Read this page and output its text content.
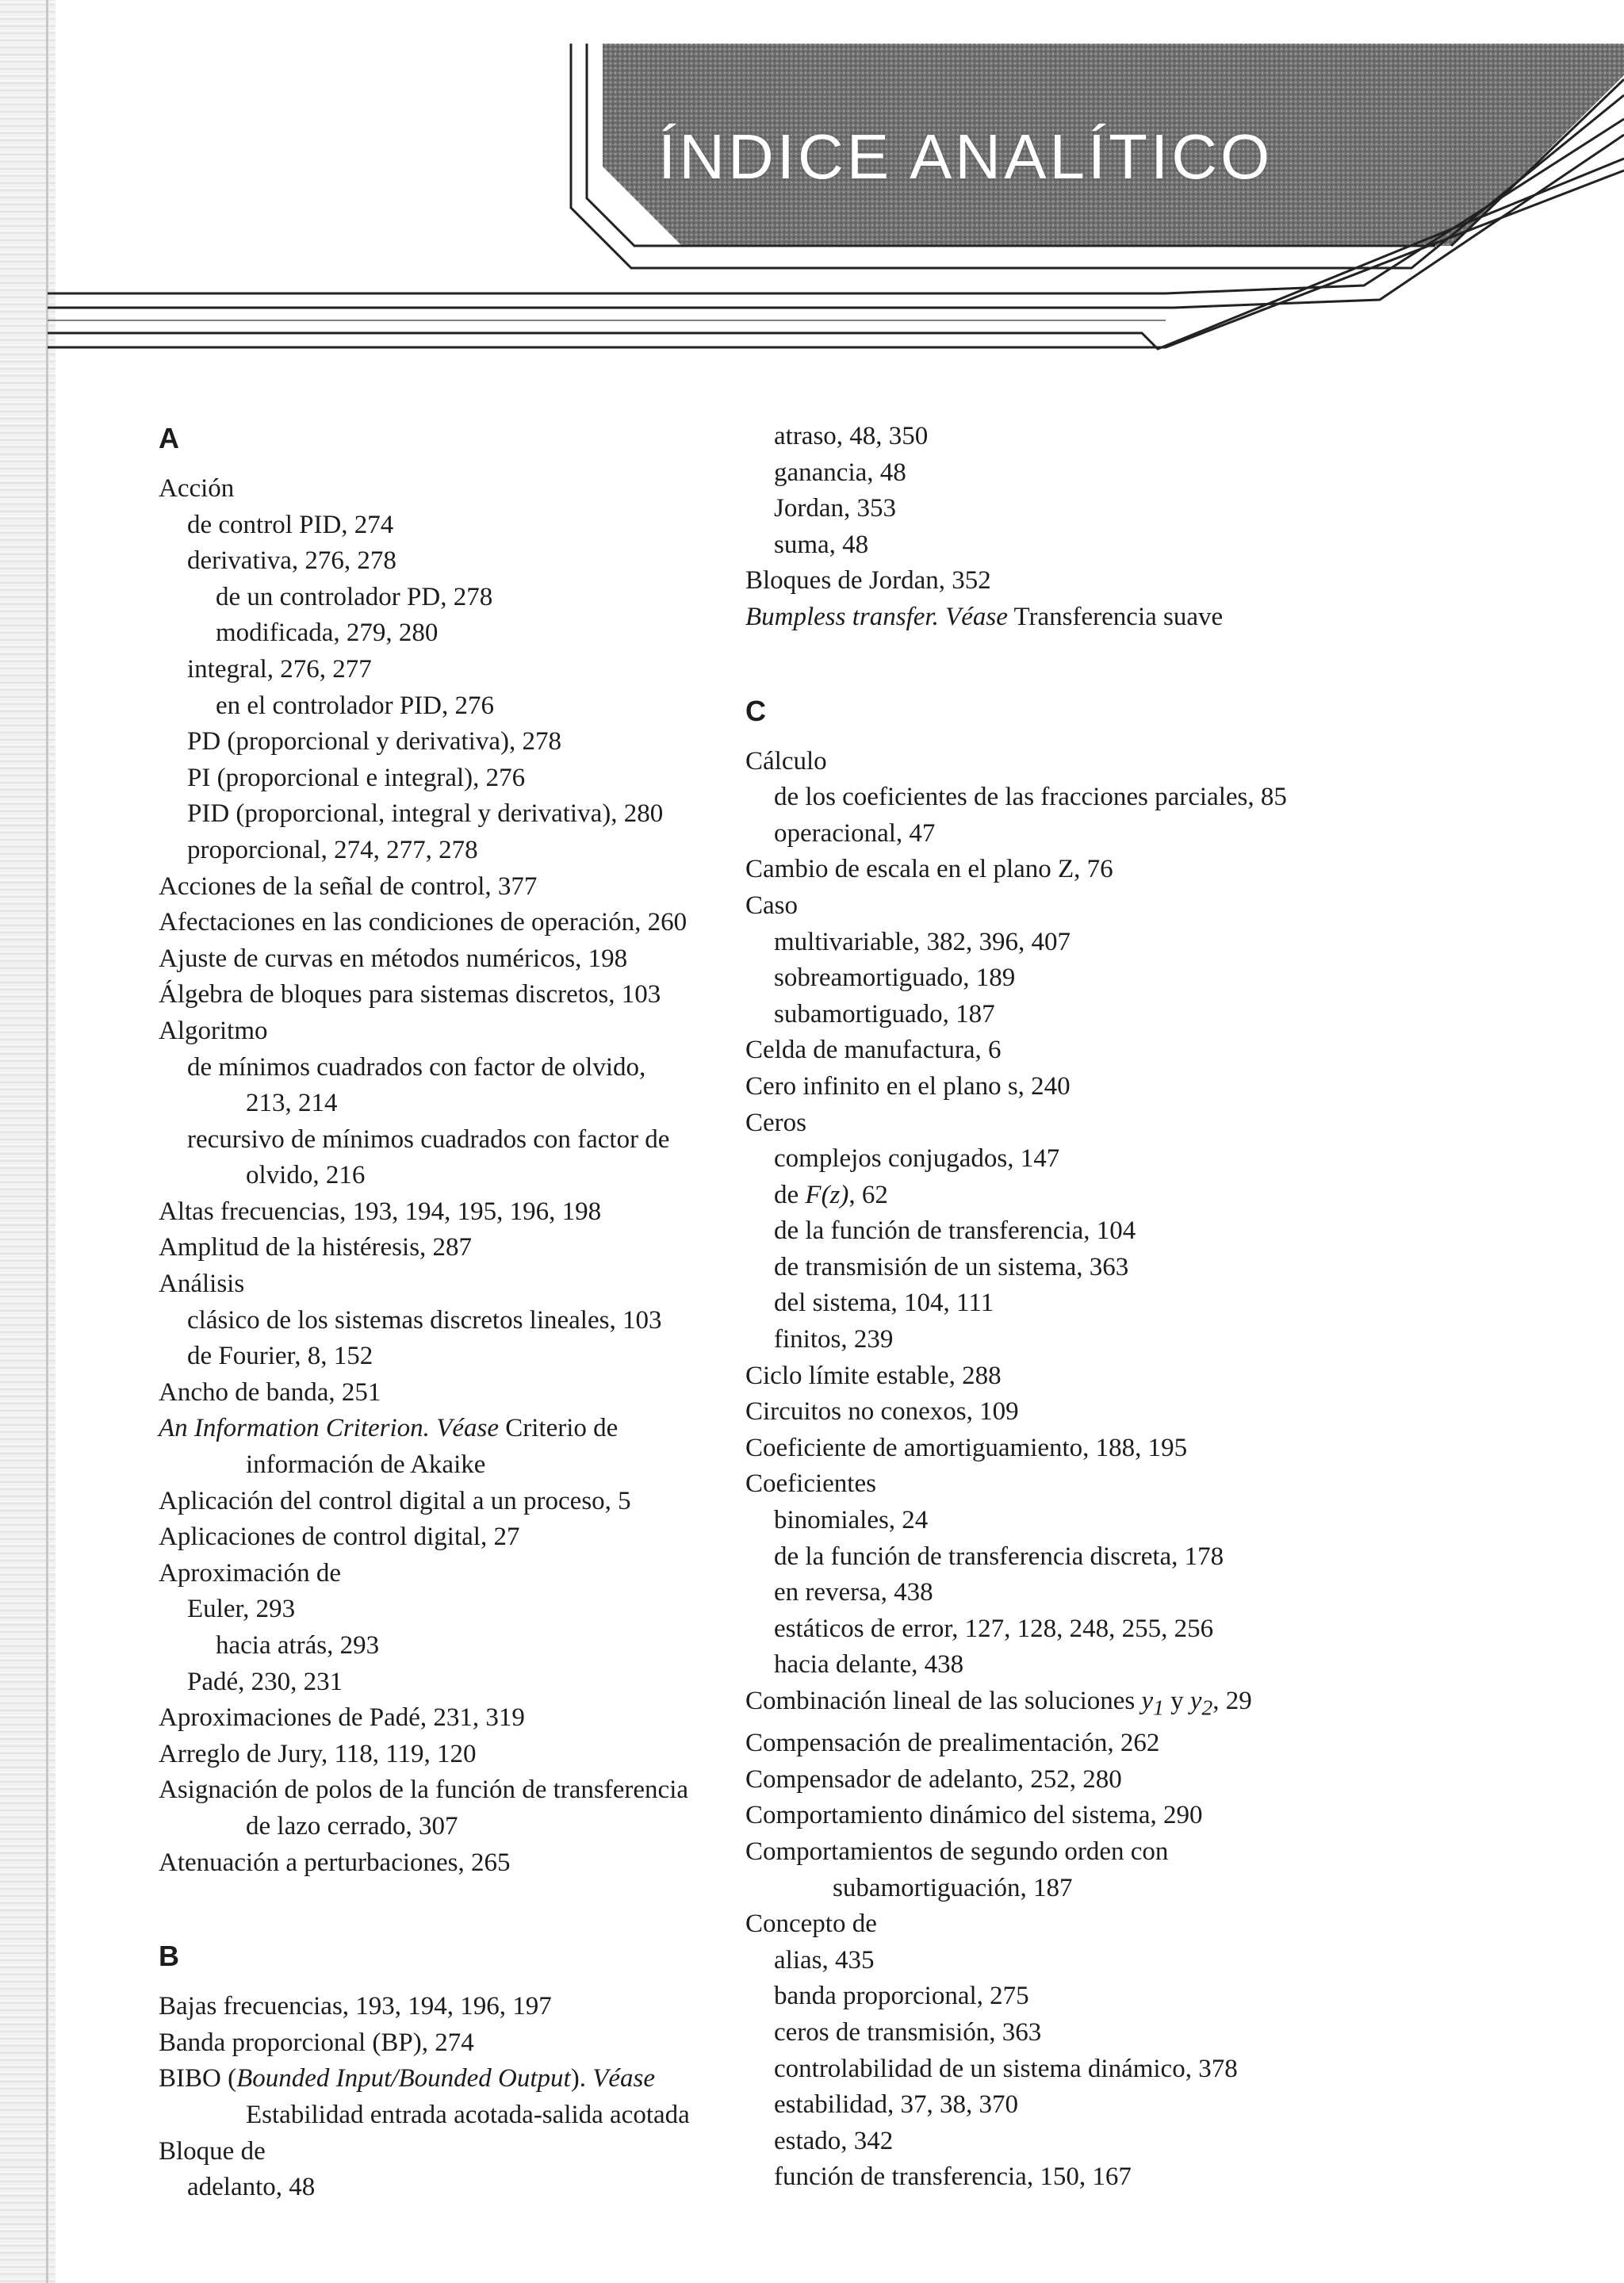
ÍNDICE ANALÍTICO
A
Acción
de control PID, 274
derivativa, 276, 278
de un controlador PD, 278
modificada, 279, 280
integral, 276, 277
en el controlador PID, 276
PD (proporcional y derivativa), 278
PI (proporcional e integral), 276
PID (proporcional, integral y derivativa), 280
proporcional, 274, 277, 278
Acciones de la señal de control, 377
Afectaciones en las condiciones de operación, 260
Ajuste de curvas en métodos numéricos, 198
Álgebra de bloques para sistemas discretos, 103
Algoritmo
de mínimos cuadrados con factor de olvido,
213, 214
recursivo de mínimos cuadrados con factor de
olvido, 216
Altas frecuencias, 193, 194, 195, 196, 198
Amplitud de la histéresis, 287
Análisis
clásico de los sistemas discretos lineales, 103
de Fourier, 8, 152
Ancho de banda, 251
An Information Criterion. Véase Criterio de
información de Akaike
Aplicación del control digital a un proceso, 5
Aplicaciones de control digital, 27
Aproximación de
Euler, 293
hacia atrás, 293
Padé, 230, 231
Aproximaciones de Padé, 231, 319
Arreglo de Jury, 118, 119, 120
Asignación de polos de la función de transferencia
de lazo cerrado, 307
Atenuación a perturbaciones, 265
B
Bajas frecuencias, 193, 194, 196, 197
Banda proporcional (BP), 274
BIBO (Bounded Input/Bounded Output). Véase
Estabilidad entrada acotada-salida acotada
Bloque de
adelanto, 48
atraso, 48, 350
ganancia, 48
Jordan, 353
suma, 48
Bloques de Jordan, 352
Bumpless transfer. Véase Transferencia suave
C
Cálculo
de los coeficientes de las fracciones parciales, 85
operacional, 47
Cambio de escala en el plano Z, 76
Caso
multivariable, 382, 396, 407
sobreamortiguado, 189
subamortiguado, 187
Celda de manufactura, 6
Cero infinito en el plano s, 240
Ceros
complejos conjugados, 147
de F(z), 62
de la función de transferencia, 104
de transmisión de un sistema, 363
del sistema, 104, 111
finitos, 239
Ciclo límite estable, 288
Circuitos no conexos, 109
Coeficiente de amortiguamiento, 188, 195
Coeficientes
binomiales, 24
de la función de transferencia discreta, 178
en reversa, 438
estáticos de error, 127, 128, 248, 255, 256
hacia delante, 438
Combinación lineal de las soluciones $y_1$ y $y_2$, 29
Compensación de prealimentación, 262
Compensador de adelanto, 252, 280
Comportamiento dinámico del sistema, 290
Comportamientos de segundo orden con
subamortiguación, 187
Concepto de
alias, 435
banda proporcional, 275
ceros de transmisión, 363
controlabilidad de un sistema dinámico, 378
estabilidad, 37, 38, 370
estado, 342
función de transferencia, 150, 167
